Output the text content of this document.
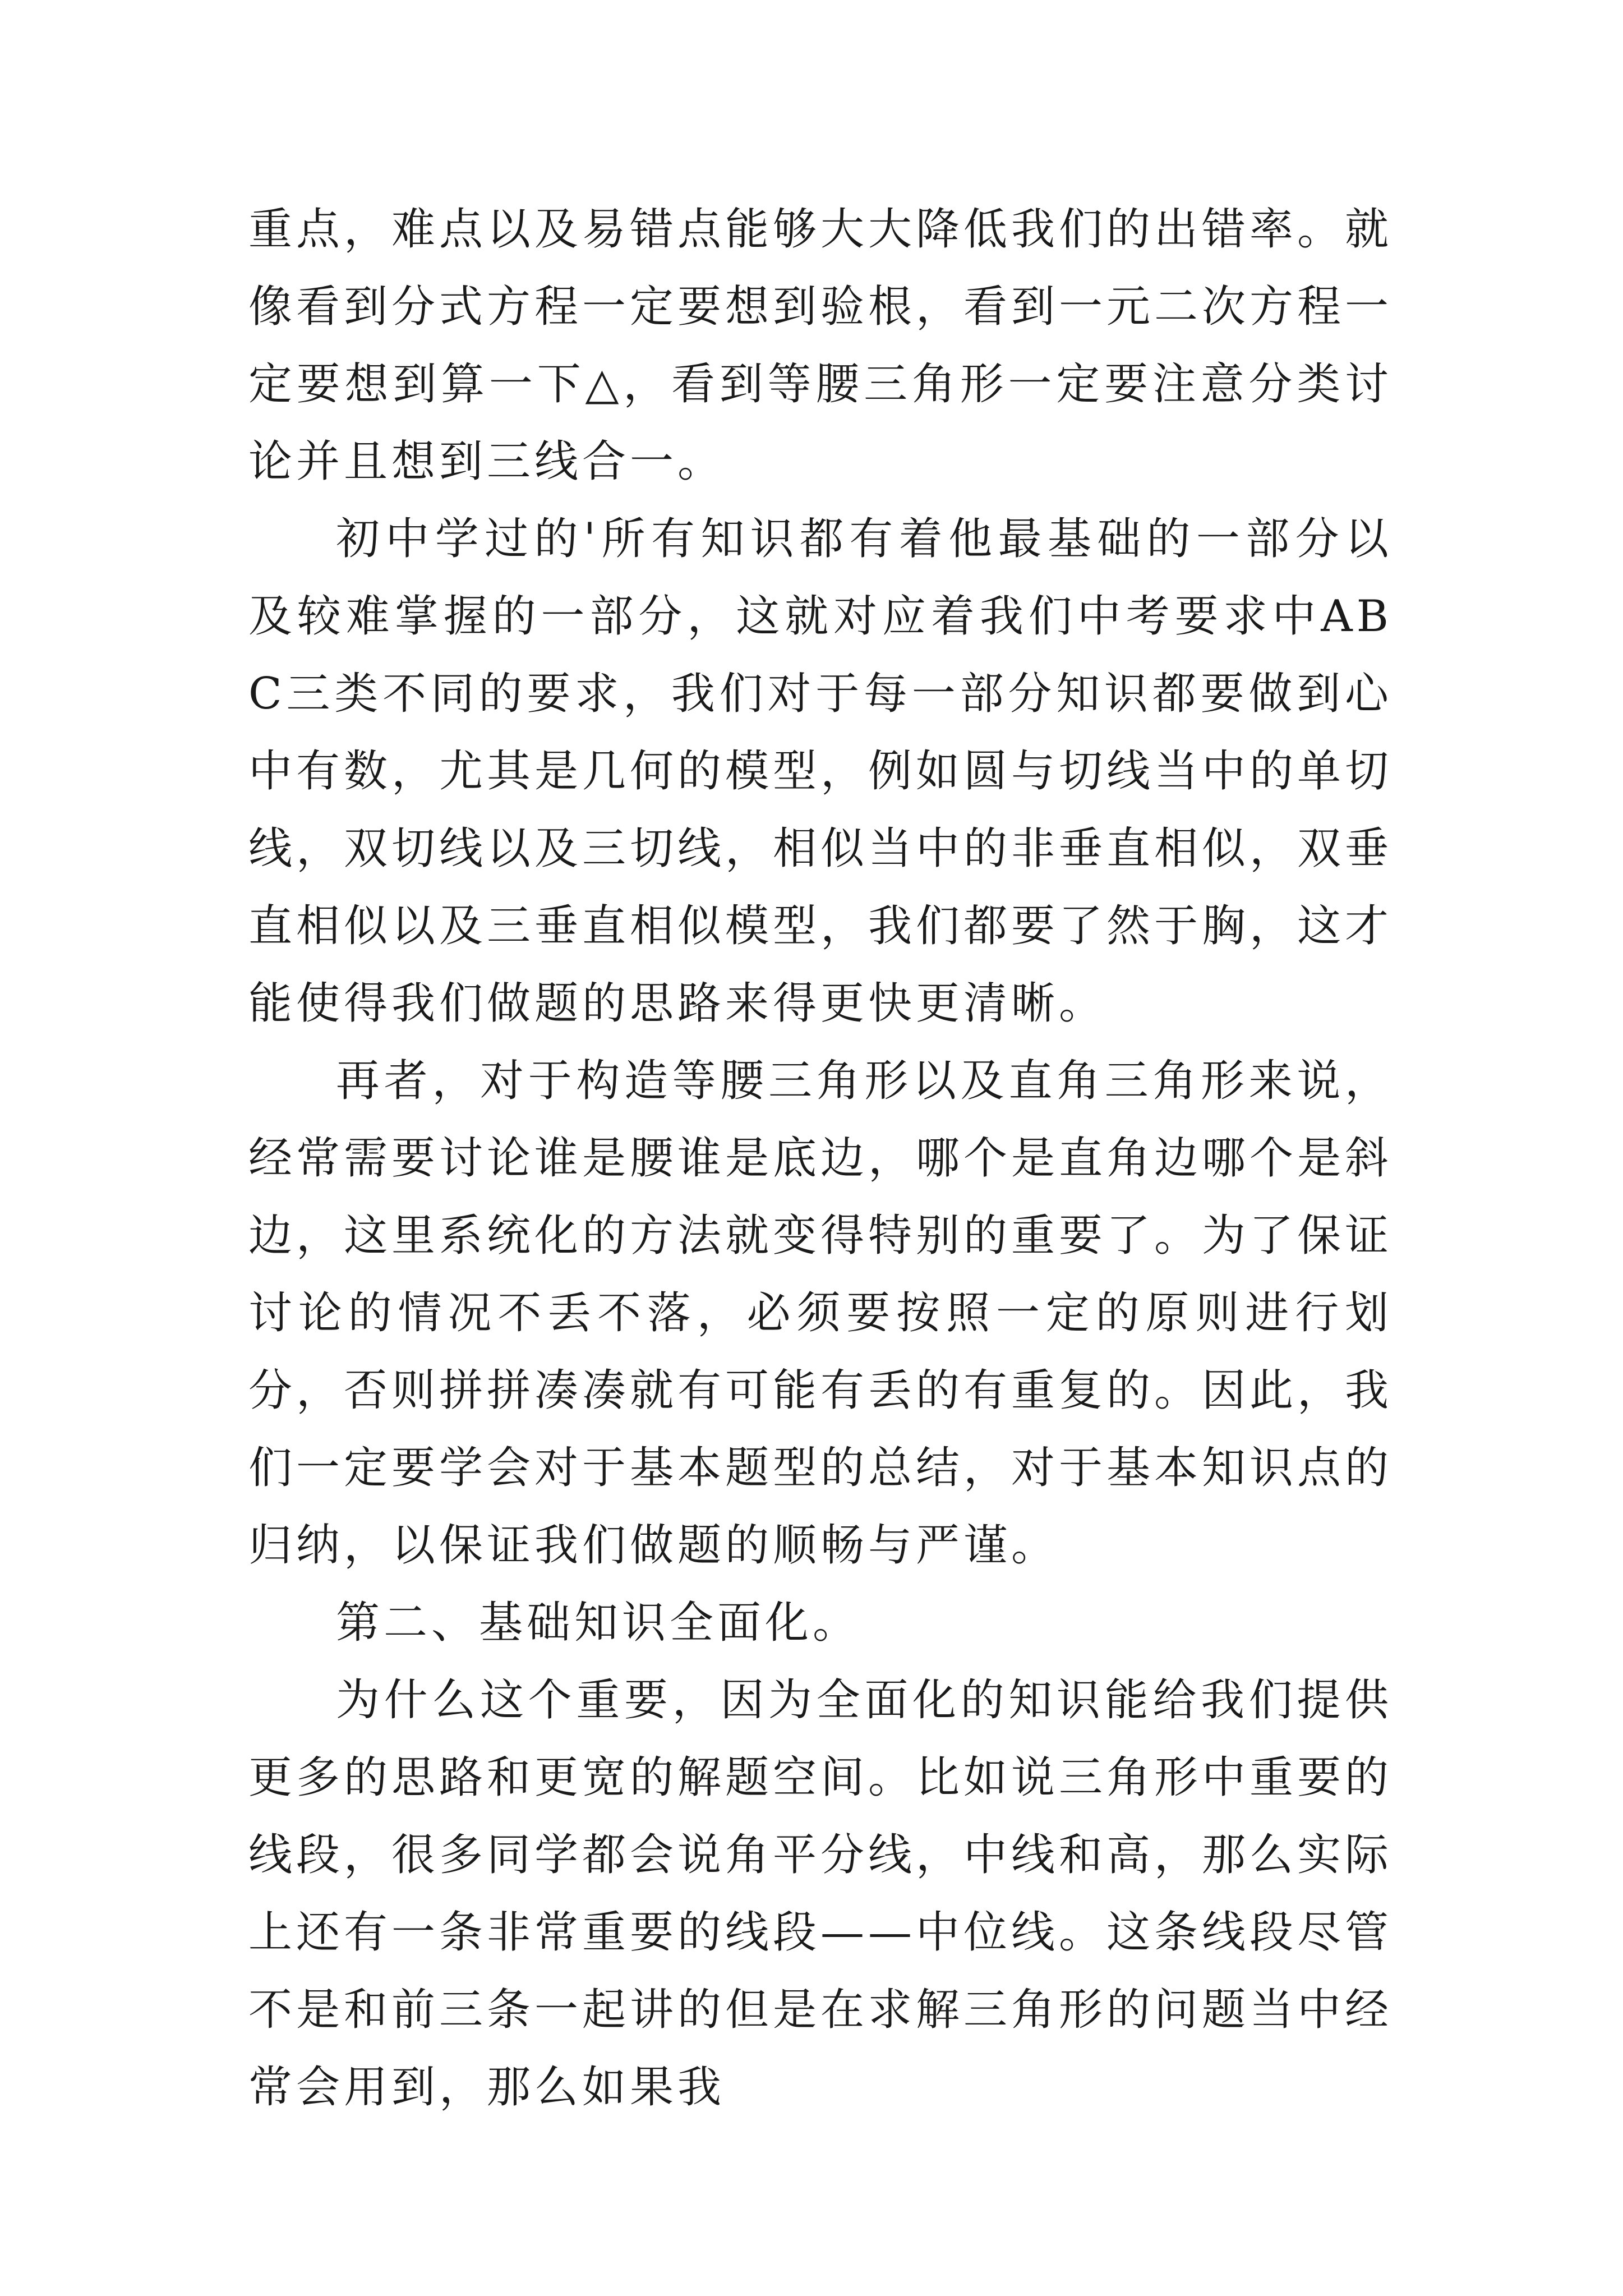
重点，难点以及易错点能够大大降低我们的出错率。就像看到分式方程一定要想到验根，看到一元二次方程一定要想到算一下△，看到等腰三角形一定要注意分类讨论并且想到三线合一。

初中学过的'所有知识都有着他最基础的一部分以及较难掌握的一部分，这就对应着我们中考要求中ABC三类不同的要求，我们对于每一部分知识都要做到心中有数，尤其是几何的模型，例如圆与切线当中的单切线，双切线以及三切线，相似当中的非垂直相似，双垂直相似以及三垂直相似模型，我们都要了然于胸，这才能使得我们做题的思路来得更快更清晰。

再者，对于构造等腰三角形以及直角三角形来说，经常需要讨论谁是腰谁是底边，哪个是直角边哪个是斜边，这里系统化的方法就变得特别的重要了。为了保证讨论的情况不丢不落，必须要按照一定的原则进行划分，否则拼拼凑凑就有可能有丢的有重复的。因此，我们一定要学会对于基本题型的总结，对于基本知识点的归纳，以保证我们做题的顺畅与严谨。

第二、基础知识全面化。

为什么这个重要，因为全面化的知识能给我们提供更多的思路和更宽的解题空间。比如说三角形中重要的线段，很多同学都会说角平分线，中线和高，那么实际上还有一条非常重要的线段——中位线。这条线段尽管不是和前三条一起讲的但是在求解三角形的问题当中经常会用到，那么如果我
